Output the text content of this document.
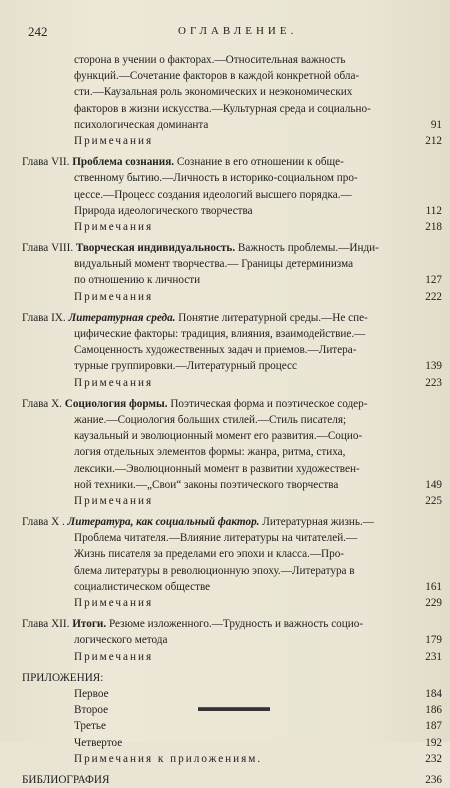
242	ОГЛАВЛЕНИЕ.
сторона в учении о факторах.—Относительная важность
функций.—Сочетание факторов в каждой конкретной обла-
сти.—Каузальная роль экономических и неэкономических
факторов в жизни искусства.—Культурная среда и социально-
психологическая доминанта	91
Примечания	212
Глава VII. Проблема сознания. Сознание в его отношении к обще-
ственному бытию.—Личность в историко-социальном про-
цессе.—Процесс создания идеологий высшего порядка.—
Природа идеологического творчества	112
Примечания	218
Глава VIII. Творческая индивидуальность. Важность проблемы.—Инди-
видуальный момент творчества.— Границы детерминизма
по отношению к личности	127
Примечания	222
Глава IX. Литературная среда. Понятие литературной среды.—Не спе-
цифические факторы: традиция, влияния, взаимодействие.—
Самоценность художественных задач и приемов.—Литера-
турные группировки.—Литературный процесс	139
Примечания	223
Глава X. Социология формы. Поэтическая форма и поэтическое содер-
жание.—Социология больших стилей.—Стиль писателя;
каузальный и эволюционный момент его развития.—Социо-
логия отдельных элементов формы: жанра, ритма, стиха,
лексики.—Эволюционный момент в развитии художествен-
ной техники.—„Свои“ законы поэтического творчества	149
Примечания	225
Глава X . Литература, как социальный фактор. Литературная жизнь.—
Проблема читателя.—Влияние литературы на читателей.—
Жизнь писателя за пределами его эпохи и класса.—Про-
блема литературы в революционную эпоху.—Литература в
социалистическом обществе	161
Примечания	229
Глава XII. Итоги. Резюме изложенного.—Трудность и важность социо-
логического метода	179
Примечания	231
ПРИЛОЖЕНИЯ:
Первое	184
Второе	186
Третье	187
Четвертое	192
Примечания к приложениям.	232
БИБЛИОГРАФИЯ	236
